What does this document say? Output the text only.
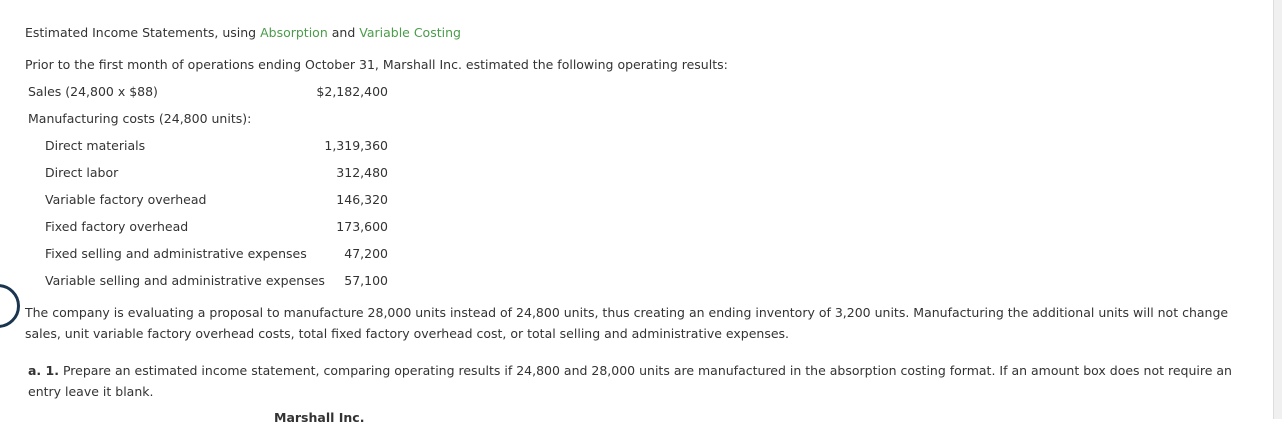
Estimated Income Statements, using Absorption and Variable Costing
Prior to the first month of operations ending October 31, Marshall Inc. estimated the following operating results:
Sales (24,800 x $88)	$2,182,400
Manufacturing costs (24,800 units):
Direct materials	1,319,360
Direct labor	312,480
Variable factory overhead	146,320
Fixed factory overhead	173,600
Fixed selling and administrative expenses	47,200
Variable selling and administrative expenses 57,100
The company is evaluating a proposal to manufacture 28,000 units instead of 24,800 units, thus creating an ending inventory of 3,200 units. Manufacturing the additional units will not change sales, unit variable factory overhead costs, total fixed factory overhead cost, or total selling and administrative expenses.
a. 1. Prepare an estimated income statement, comparing operating results if 24,800 and 28,000 units are manufactured in the absorption costing format. If an amount box does not require an entry leave it blank.
Marshall Inc.
